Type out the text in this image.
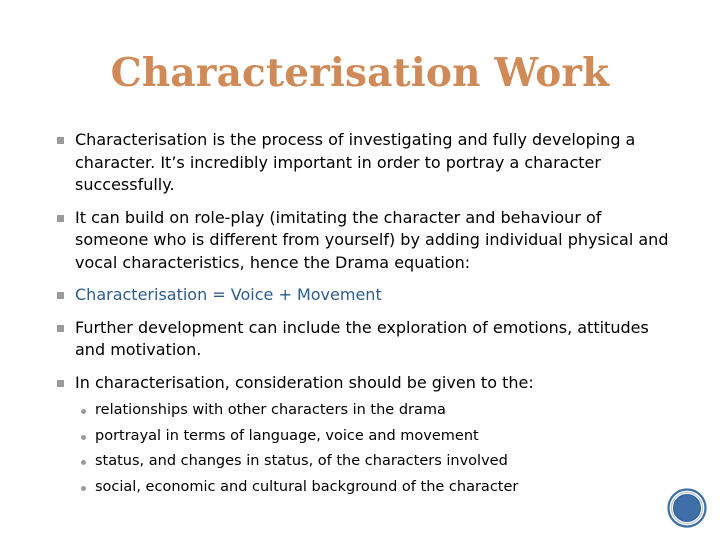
Characterisation Work
Characterisation is the process of investigating and fully developing a character. It’s incredibly important in order to portray a character successfully.
It can build on role-play (imitating the character and behaviour of someone who is different from yourself) by adding individual physical and vocal characteristics, hence the Drama equation:
Characterisation = Voice + Movement
Further development can include the exploration of emotions, attitudes and motivation.
In characterisation, consideration should be given to the:
relationships with other characters in the drama
portrayal in terms of language, voice and movement
status, and changes in status, of the characters involved
social, economic and cultural background of the character
